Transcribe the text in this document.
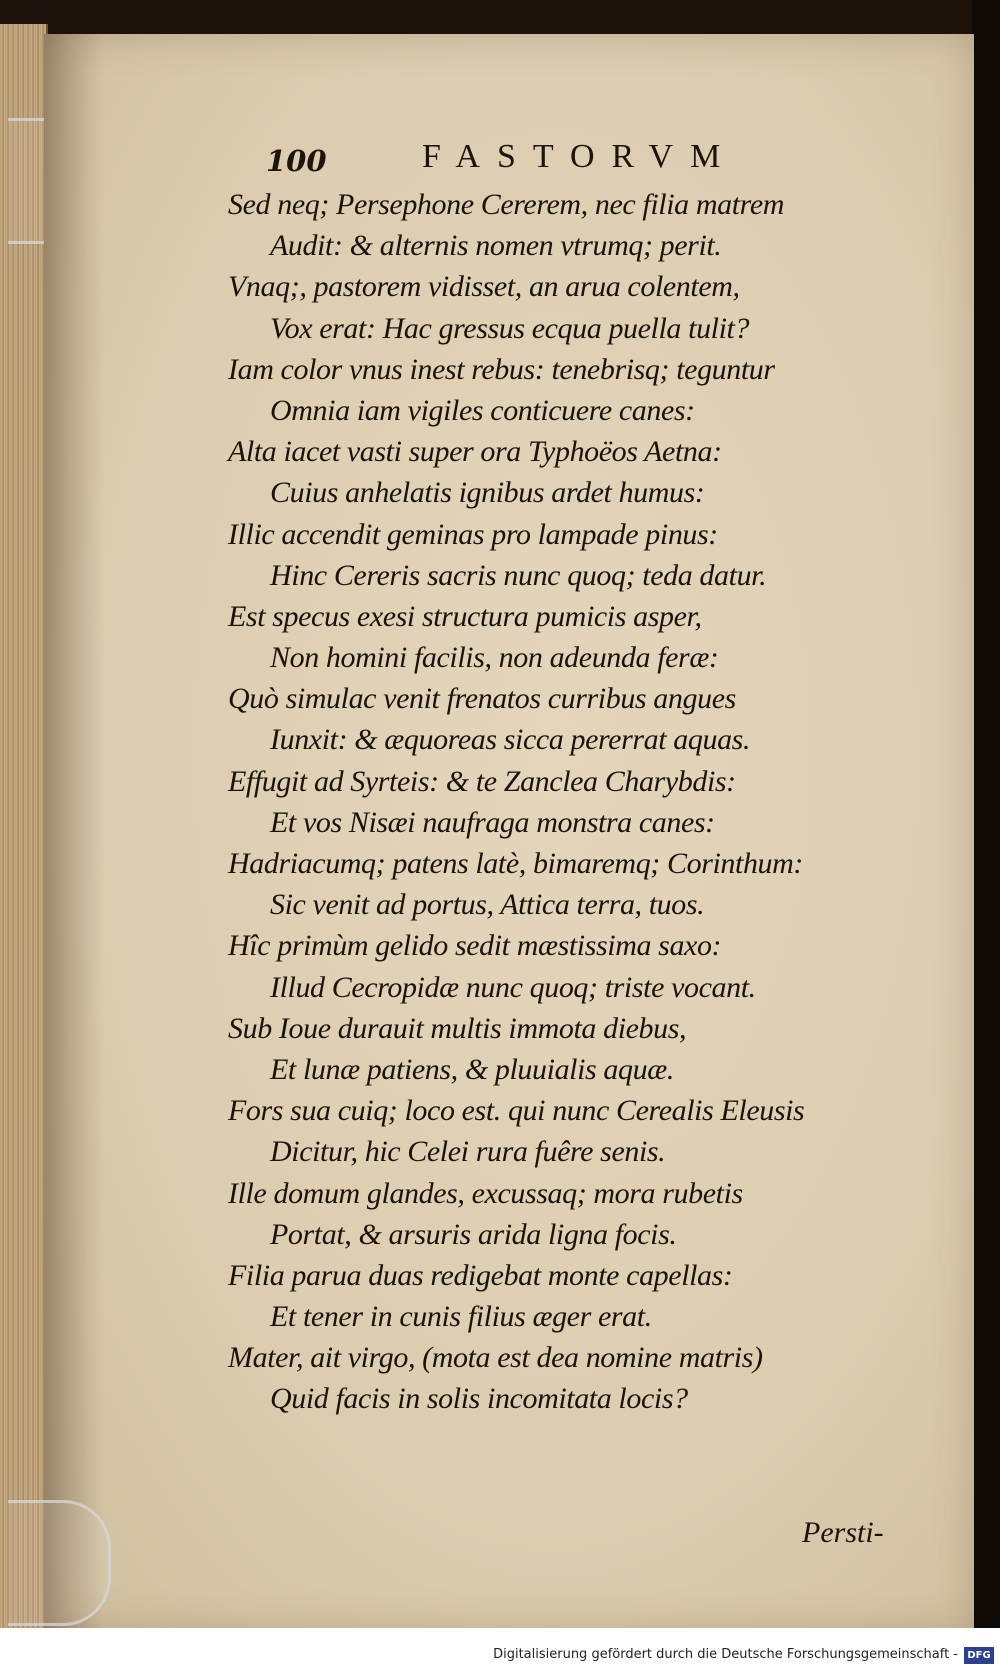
100	FASTORVM
Sed neq; Persephone Cererem, nec filia matrem
Audit: & alternis nomen vtrumq; perit.
Vnaq;, pastorem vidisset, an arua colentem,
Vox erat: Hac gressus ecqua puella tulit?
Iam color vnus inest rebus: tenebrisq; teguntur
Omnia iam vigiles conticuere canes:
Alta iacet vasti super ora Typhoëos Aetna:
Cuius anhelatis ignibus ardet humus:
Illic accendit geminas pro lampade pinus:
Hinc Cereris sacris nunc quoq; teda datur.
Est specus exesi structura pumicis asper,
Non homini facilis, non adeunda feræ:
Quò simulac venit frenatos curribus angues
Iunxit: & æquoreas sicca pererrat aquas.
Effugit ad Syrteis: & te Zanclea Charybdis:
Et vos Nisæi naufraga monstra canes:
Hadriacumq; patens latè, bimaremq; Corinthum:
Sic venit ad portus, Attica terra, tuos.
Hîc primùm gelido sedit mæstissima saxo:
Illud Cecropidæ nunc quoq; triste vocant.
Sub Ioue durauit multis immota diebus,
Et lunæ patiens, & pluuialis aquæ.
Fors sua cuiq; loco est. qui nunc Cerealis Eleusis
Dicitur, hic Celei rura fuêre senis.
Ille domum glandes, excussaq; mora rubetis
Portat, & arsuris arida ligna focis.
Filia parua duas redigebat monte capellas:
Et tener in cunis filius æger erat.
Mater, ait virgo, (mota est dea nomine matris)
Quid facis in solis incomitata locis?
Persti-
Digitalisierung gefördert durch die Deutsche Forschungsgemeinschaft - DFG
